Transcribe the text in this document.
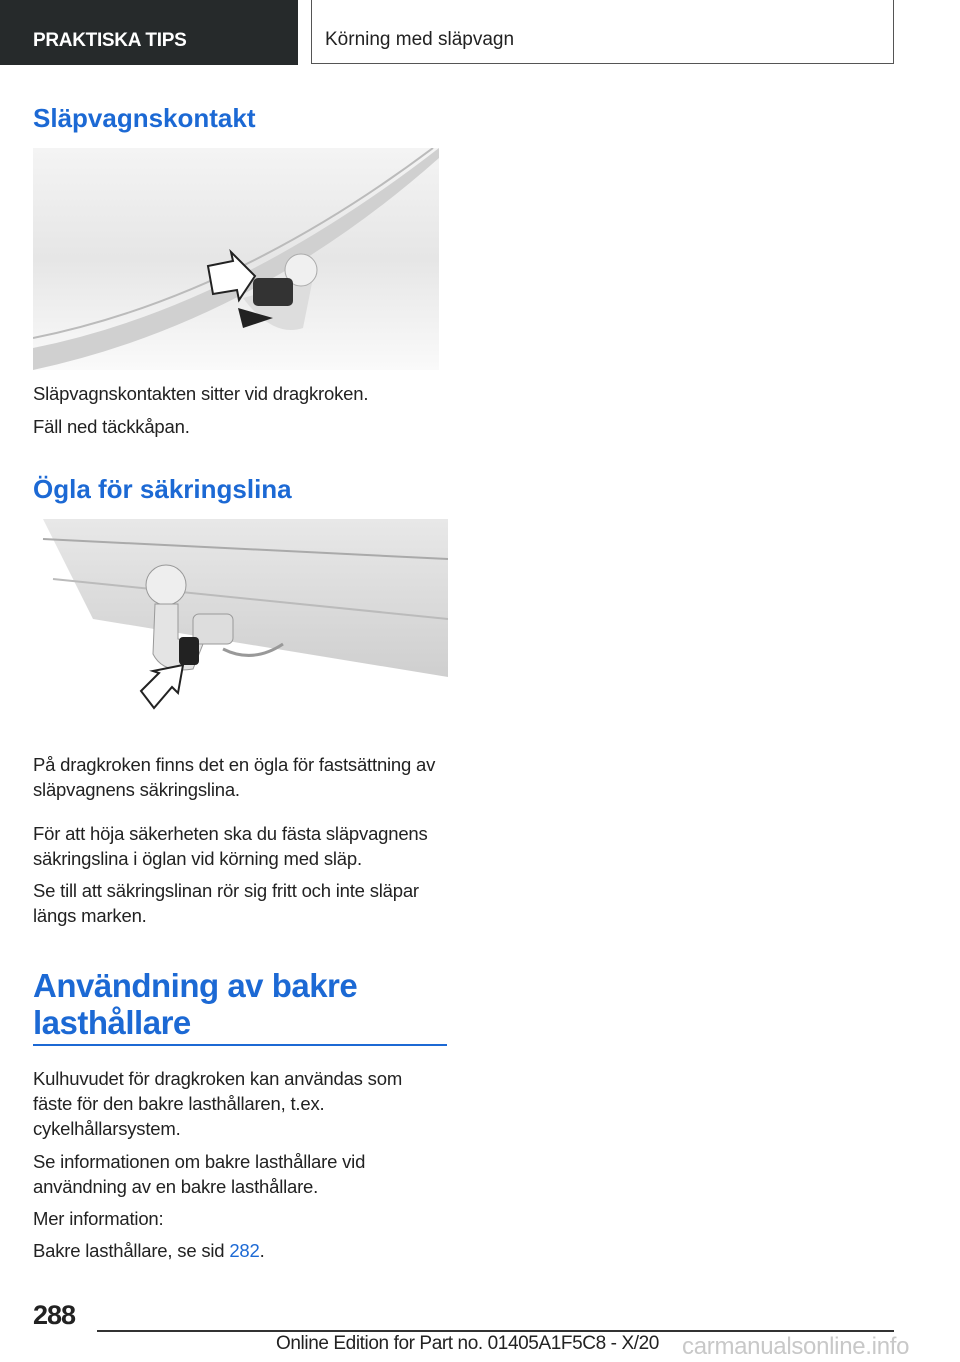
PRAKTISKA TIPS	Körning med släpvagn
Släpvagnskontakt

Släpvagnskontakten sitter vid dragkroken.

Fäll ned täckkåpan.

Ögla för säkringslina

På dragkroken finns det en ögla för fastsättning av släpvagnens säkringslina.

För att höja säkerheten ska du fästa släpvagnens säkringslina i öglan vid körning med släp.

Se till att säkringslinan rör sig fritt och inte släpar längs marken.

Användning av bakre lasthållare

Kulhuvudet för dragkroken kan användas som fäste för den bakre lasthållaren, t.ex. cykelhållarsystem.

Se informationen om bakre lasthållare vid användning av en bakre lasthållare.

Mer information:

Bakre lasthållare, se sid 282.

288
Online Edition for Part no. 01405A1F5C8 - X/20 carmanualsonline.info
